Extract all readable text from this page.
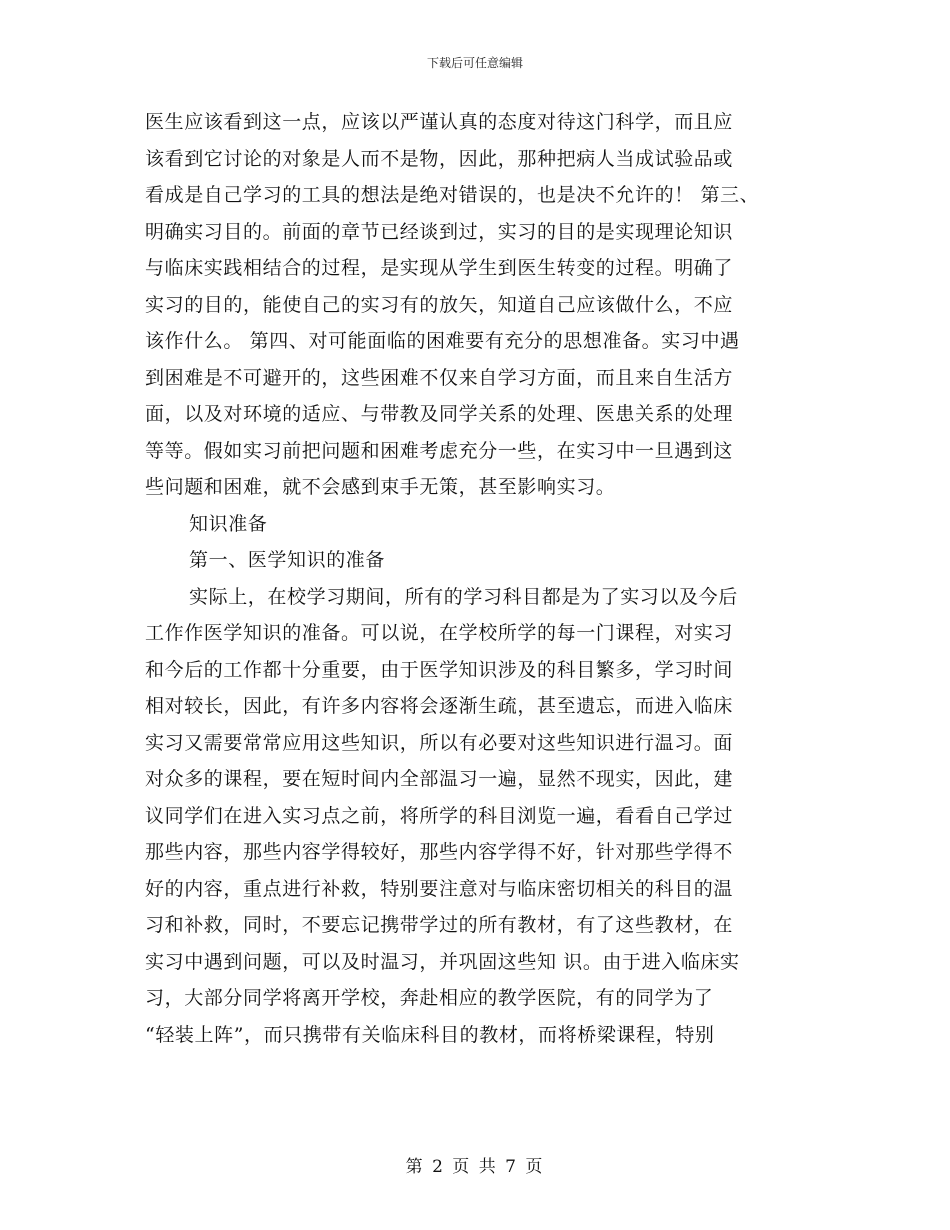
下载后可任意编辑
医生应该看到这一点，应该以严谨认真的态度对待这门科学，而且应
该看到它讨论的对象是人而不是物，因此，那种把病人当成试验品或
看成是自己学习的工具的想法是绝对错误的，也是决不允许的！ 第三、
明确实习目的。前面的章节已经谈到过，实习的目的是实现理论知识
与临床实践相结合的过程，是实现从学生到医生转变的过程。明确了
实习的目的，能使自己的实习有的放矢，知道自己应该做什么，不应
该作什么。 第四、对可能面临的困难要有充分的思想准备。实习中遇
到困难是不可避开的，这些困难不仅来自学习方面，而且来自生活方
面，以及对环境的适应、与带教及同学关系的处理、医患关系的处理
等等。假如实习前把问题和困难考虑充分一些，在实习中一旦遇到这
些问题和困难，就不会感到束手无策，甚至影响实习。
知识准备
第一、医学知识的准备
实际上，在校学习期间，所有的学习科目都是为了实习以及今后
工作作医学知识的准备。可以说，在学校所学的每一门课程，对实习
和今后的工作都十分重要，由于医学知识涉及的科目繁多，学习时间
相对较长，因此，有许多内容将会逐渐生疏，甚至遗忘，而进入临床
实习又需要常常应用这些知识，所以有必要对这些知识进行温习。面
对众多的课程，要在短时间内全部温习一遍，显然不现实，因此，建
议同学们在进入实习点之前，将所学的科目浏览一遍，看看自己学过
那些内容，那些内容学得较好，那些内容学得不好，针对那些学得不
好的内容，重点进行补救，特别要注意对与临床密切相关的科目的温
习和补救，同时，不要忘记携带学过的所有教材，有了这些教材，在
实习中遇到问题，可以及时温习，并巩固这些知 识。由于进入临床实
习，大部分同学将离开学校，奔赴相应的教学医院，有的同学为了
“轻装上阵”，而只携带有关临床科目的教材，而将桥梁课程，特别
第 2 页 共 7 页
